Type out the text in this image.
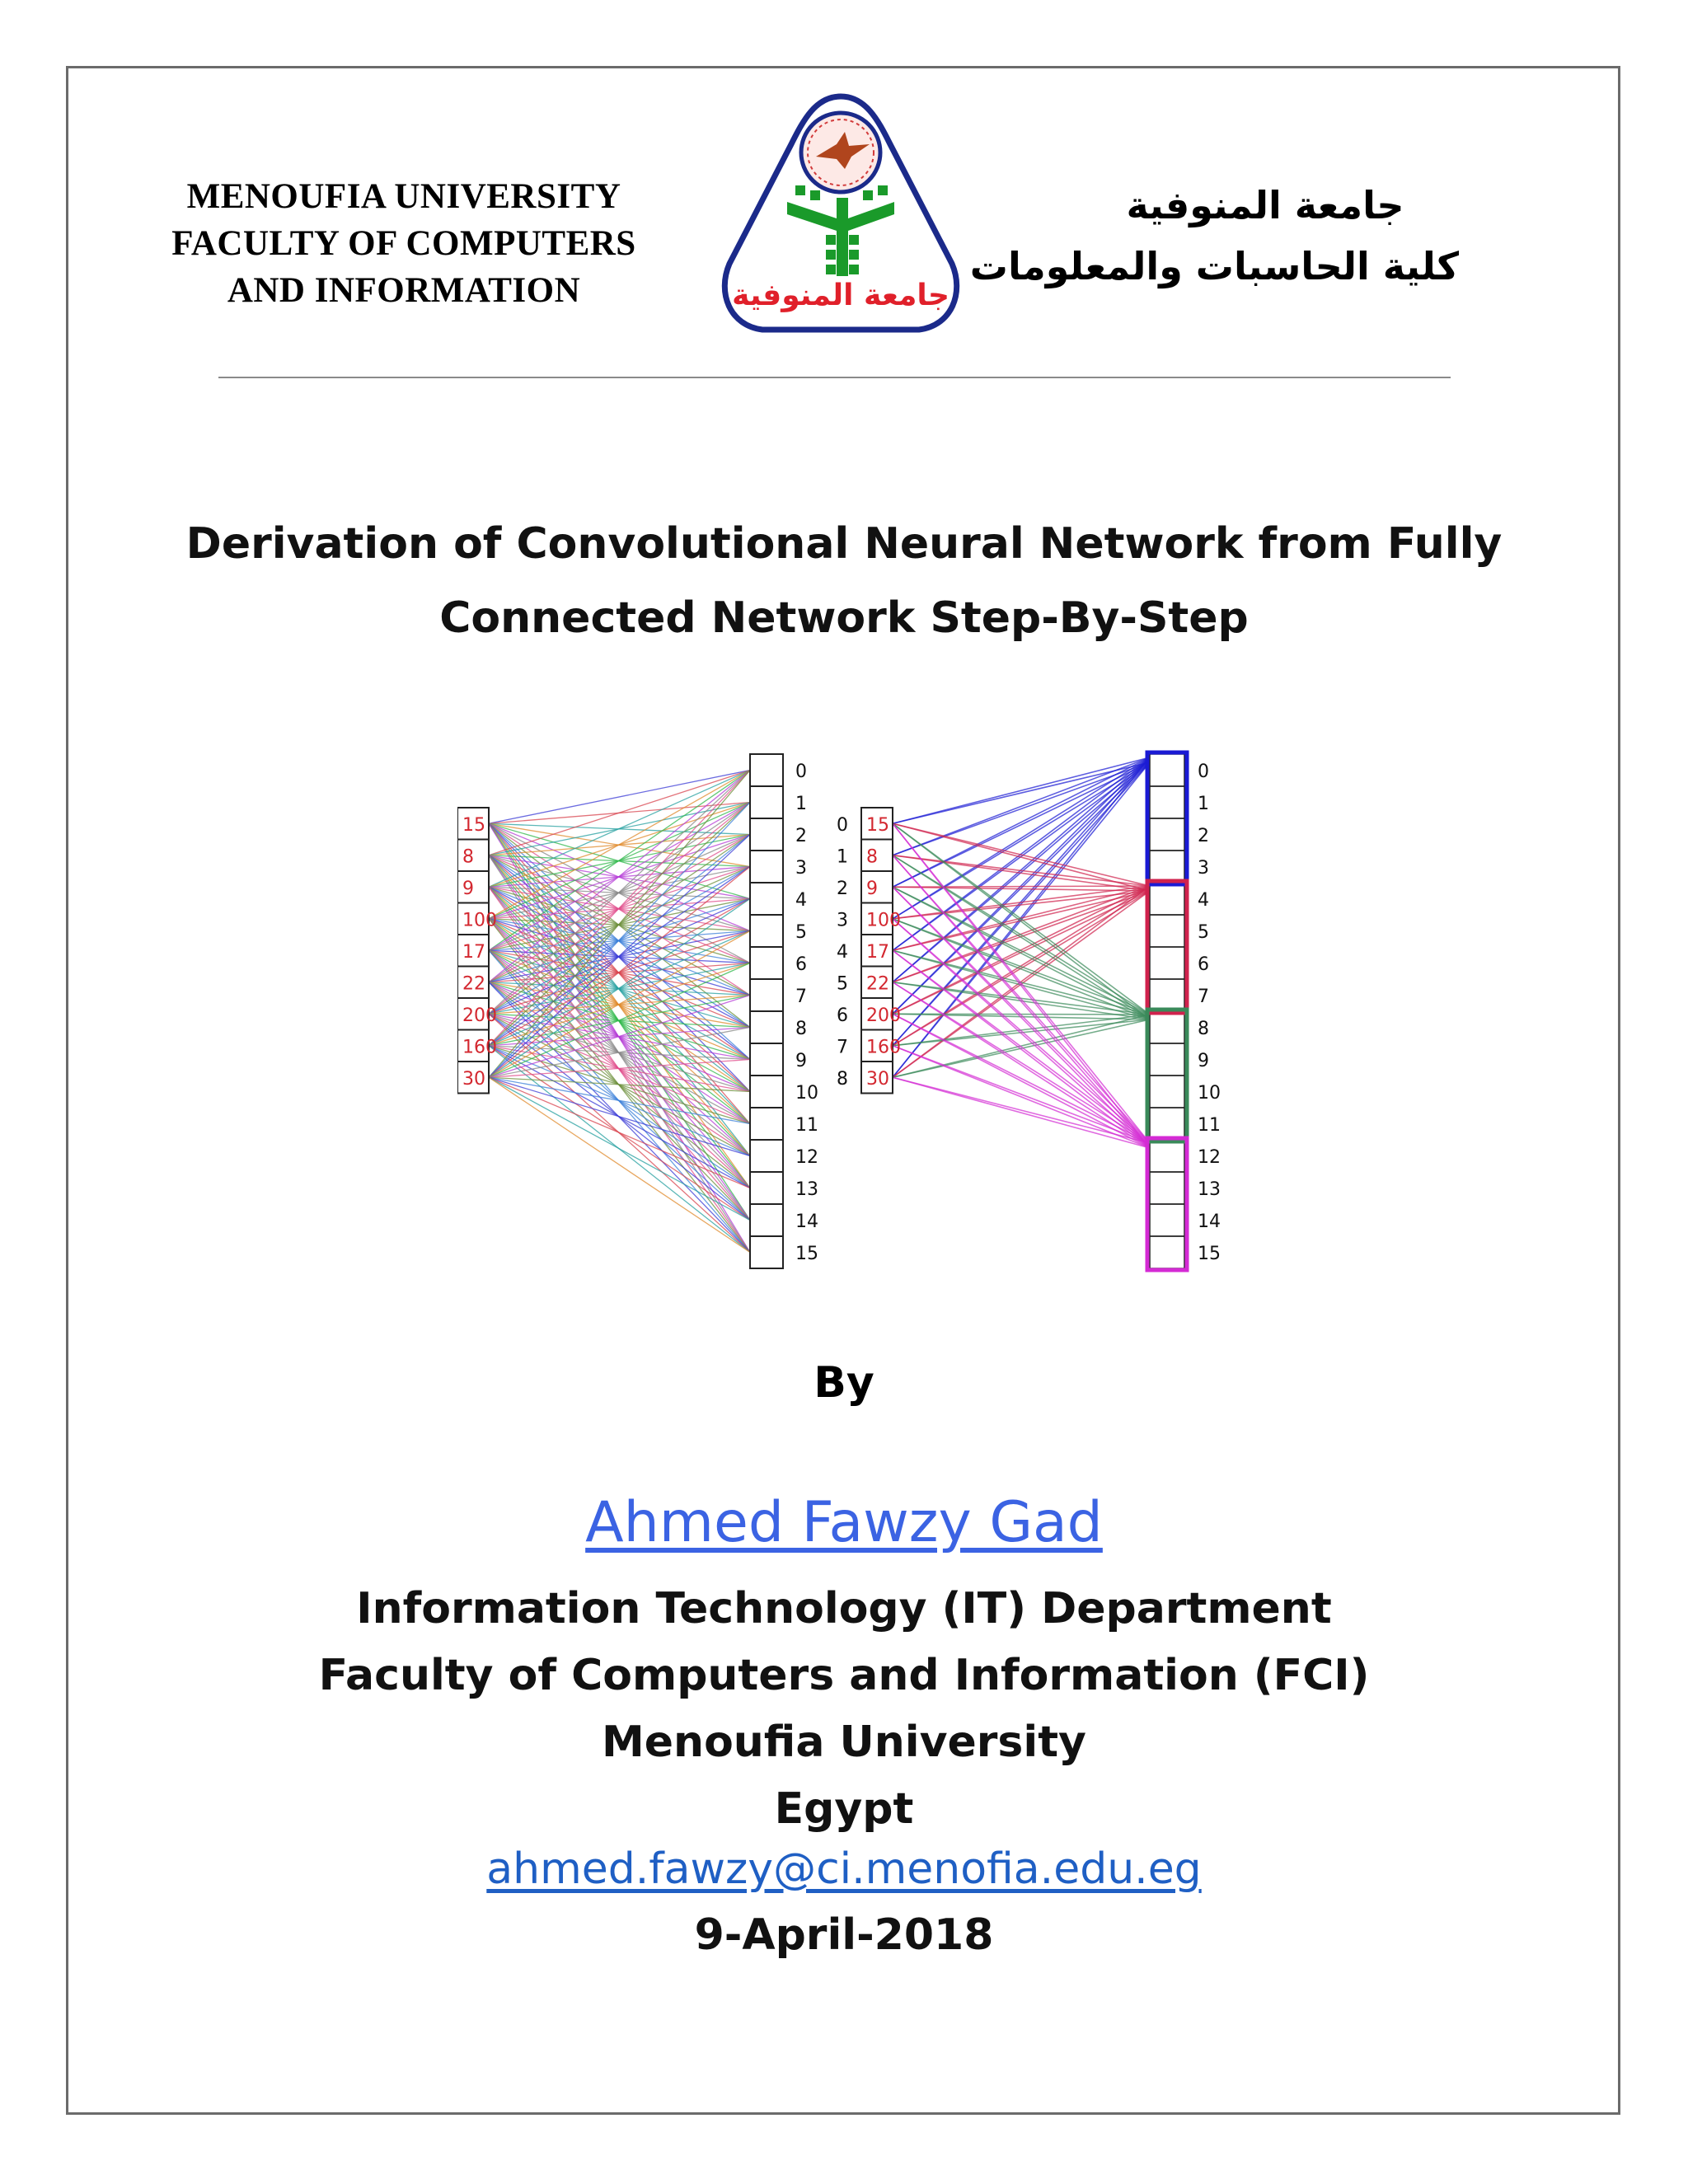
MENOUFIA UNIVERSITY
FACULTY OF COMPUTERS
AND INFORMATION	جامعة المنوفية
جامعة المنوفية
كلية الحاسبات والمعلومات
Derivation of Convolutional Neural Network from Fully
Connected Network Step-By-Step
15
8
9
100
17
22
200
160
30
0
1
2
3
4
5
6
7
8
9
10
11
12
13
14
15
0 15
1 8
2 9
3 100
4 17
5 22
6 200
7 160
8 30
0
1
2
3
4
5
6
7
8
9
10
11
12
13
14
15
By
Ahmed Fawzy Gad
Information Technology (IT) Department
Faculty of Computers and Information (FCI)
Menoufia University
Egypt
ahmed.fawzy@ci.menofia.edu.eg
9-April-2018
